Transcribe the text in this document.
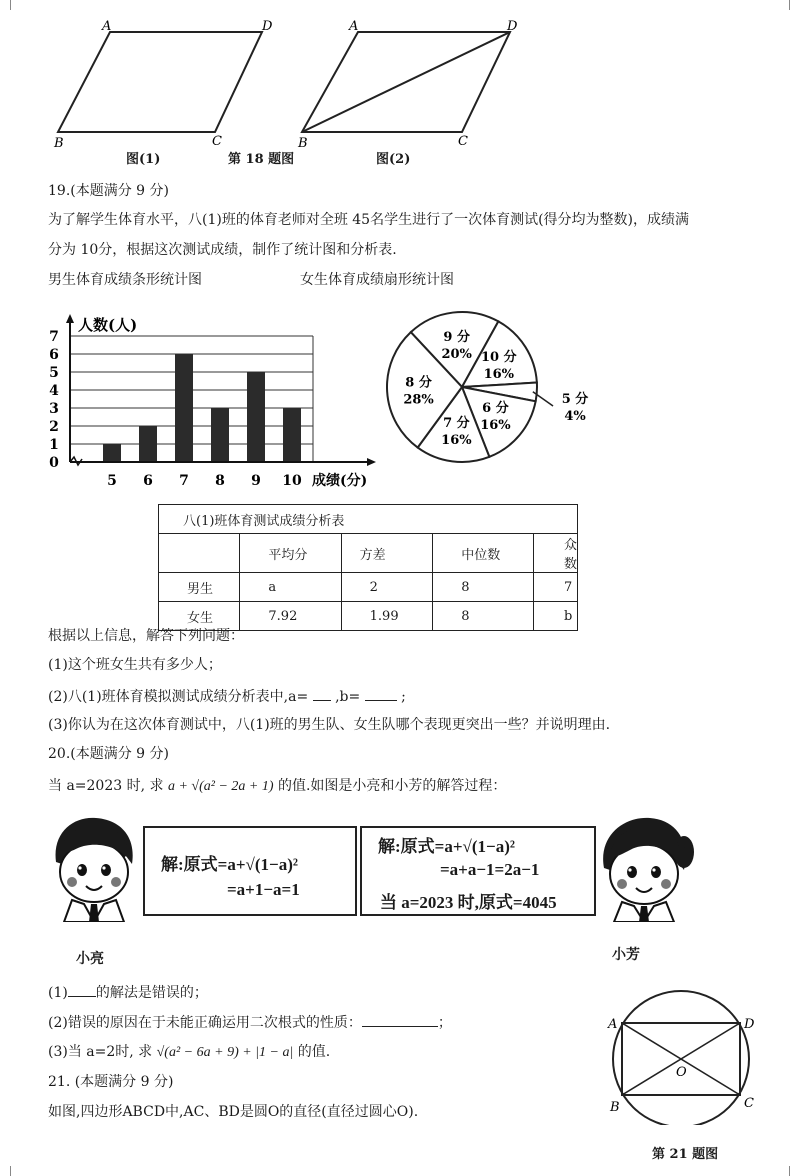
A	D
B	C
A	D
B	C
图(1)	第 18 题图	图(2)
19.(本题满分 9 分)
为了解学生体育水平，八(1)班的体育老师对全班 45名学生进行了一次体育测试(得分均为整数)，成绩满
分为 10分，根据这次测试成绩，制作了统计图和分析表.
男生体育成绩条形统计图	女生体育成绩扇形统计图
0
1
2
3
4
5
6
7
5 6 7 8 9 10
人数(人)
成绩(分)
9 分
20% 10 分
16%
5 分
4%
6 分
16%
7 分
16%
8 分
28%
八(1)班体育测试成绩分析表				
	平均分	方差	中位数	众数
男生	a	2	8	7
女生	7.92	1.99	8	b
根据以上信息，解答下列问题：
(1)这个班女生共有多少人；
(2)八(1)班体育模拟测试成绩分析表中,a= ,b=	;
(3)你认为在这次体育测试中，八(1)班的男生队、女生队哪个表现更突出一些？并说明理由.
20.(本题满分 9 分)
当 a=2023 时, 求 a + √(a² − 2a + 1) 的值.如图是小亮和小芳的解答过程：
解:原式=a+√(1−a)²
=a+1−a=1
解:原式=a+√(1−a)²
=a+a−1=2a−1
当 a=2023 时,原式=4045
小亮	小芳
(1) 的解法是错误的；
(2)错误的原因在于未能正确运用二次根式的性质：	；
(3)当 a=2时, 求 √(a² − 6a + 9) + |1 − a| 的值.
21. (本题满分 9 分)
如图,四边形ABCD中,AC、BD是圆O的直径(直径过圆心O).
A	D
B	C
O
第 21 题图
